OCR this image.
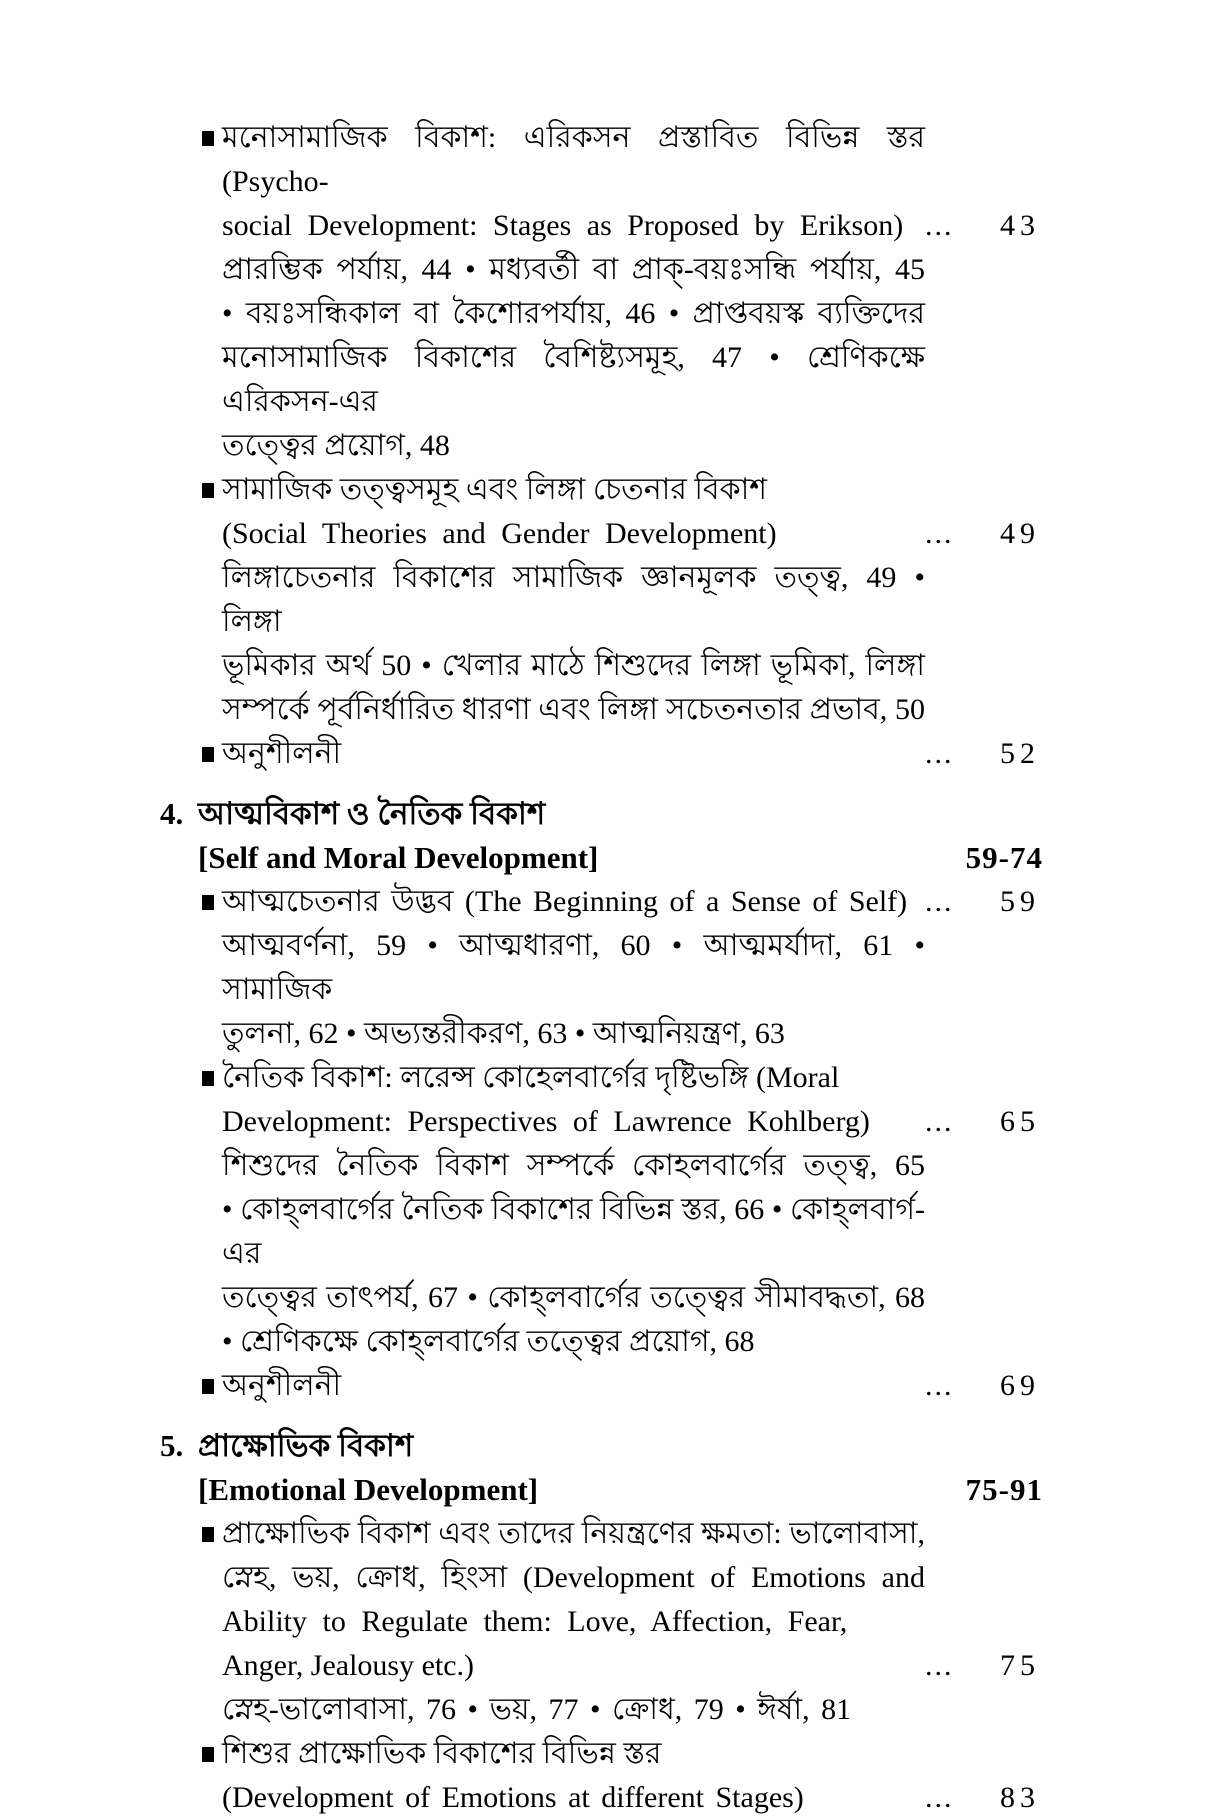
মনোসামাজিক বিকাশ: এরিকসন প্রস্তাবিত বিভিন্ন স্তর (Psycho-
social Development: Stages as Proposed by Erikson) ...	43
প্রারম্ভিক পর্যায়, 44 • মধ্যবর্তী বা প্রাক্-বয়ঃসন্ধি পর্যায়, 45
• বয়ঃসন্ধিকাল বা কৈশোরপর্যায়, 46 • প্রাপ্তবয়স্ক ব্যক্তিদের
মনোসামাজিক বিকাশের বৈশিষ্ট্যসমূহ, 47 • শ্রেণিকক্ষে এরিকসন-এর
তত্ত্বের প্রয়োগ, 48
সামাজিক তত্ত্বসমূহ এবং লিঙ্গা চেতনার বিকাশ
(Social Theories and Gender Development)	...	49
লিঙ্গাচেতনার বিকাশের সামাজিক জ্ঞানমূলক তত্ত্ব, 49 • লিঙ্গা
ভূমিকার অর্থ 50 • খেলার মাঠে শিশুদের লিঙ্গা ভূমিকা, লিঙ্গা
সম্পর্কে পূর্বনির্ধারিত ধারণা এবং লিঙ্গা সচেতনতার প্রভাব, 50
অনুশীলনী	...	52
4. আত্মবিকাশ ও নৈতিক বিকাশ
[Self and Moral Development]	59-74
আত্মচেতনার উদ্ভব (The Beginning of a Sense of Self) ...	59
আত্মবর্ণনা, 59 • আত্মধারণা, 60 • আত্মমর্যাদা, 61 • সামাজিক
তুলনা, 62 • অভ্যন্তরীকরণ, 63 • আত্মনিয়ন্ত্রণ, 63
নৈতিক বিকাশ: লরেন্স কোহেলবার্গের দৃষ্টিভঙ্গি (Moral
Development: Perspectives of Lawrence Kohlberg) ...	65
শিশুদের নৈতিক বিকাশ সম্পর্কে কোহলবার্গের তত্ত্ব, 65
• কোহ্‌লবার্গের নৈতিক বিকাশের বিভিন্ন স্তর, 66 • কোহ্‌লবার্গ-এর
তত্ত্বের তাৎপর্য, 67 • কোহ্‌লবার্গের তত্ত্বের সীমাবদ্ধতা, 68
• শ্রেণিকক্ষে কোহ্‌লবার্গের তত্ত্বের প্রয়োগ, 68
অনুশীলনী	...	69
5. প্রাক্ষোভিক বিকাশ
[Emotional Development]	75-91
প্রাক্ষোভিক বিকাশ এবং তাদের নিয়ন্ত্রণের ক্ষমতা: ভালোবাসা,
স্নেহ, ভয়, ক্রোধ, হিংসা (Development of Emotions and
Ability to Regulate them: Love, Affection, Fear,
Anger, Jealousy etc.)	...	75
স্নেহ-ভালোবাসা, 76 • ভয়, 77 • ক্রোধ, 79 • ঈর্ষা, 81
শিশুর প্রাক্ষোভিক বিকাশের বিভিন্ন স্তর
(Development of Emotions at different Stages)	...	83
